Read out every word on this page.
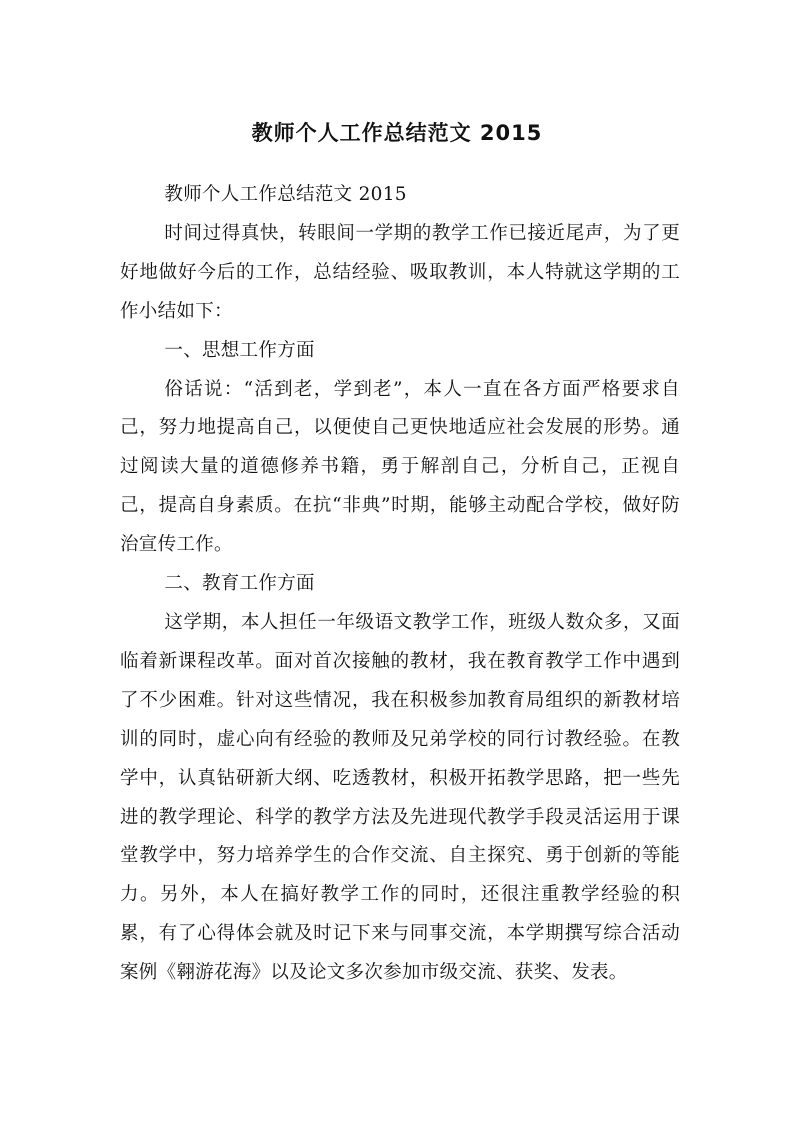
教师个人工作总结范文 2015

教师个人工作总结范文 2015

时间过得真快，转眼间一学期的教学工作已接近尾声，为了更好地做好今后的工作，总结经验、吸取教训，本人特就这学期的工作小结如下：

一、思想工作方面

俗话说：“活到老，学到老”，本人一直在各方面严格要求自己，努力地提高自己，以便使自己更快地适应社会发展的形势。通过阅读大量的道德修养书籍，勇于解剖自己，分析自己，正视自己，提高自身素质。在抗“非典”时期，能够主动配合学校，做好防治宣传工作。

二、教育工作方面

这学期，本人担任一年级语文教学工作，班级人数众多，又面临着新课程改革。面对首次接触的教材，我在教育教学工作中遇到了不少困难。针对这些情况，我在积极参加教育局组织的新教材培训的同时，虚心向有经验的教师及兄弟学校的同行讨教经验。在教学中，认真钻研新大纲、吃透教材，积极开拓教学思路，把一些先进的教学理论、科学的教学方法及先进现代教学手段灵活运用于课堂教学中，努力培养学生的合作交流、自主探究、勇于创新的等能力。另外，本人在搞好教学工作的同时，还很注重教学经验的积累，有了心得体会就及时记下来与同事交流，本学期撰写综合活动案例《翱游花海》以及论文多次参加市级交流、获奖、发表。
